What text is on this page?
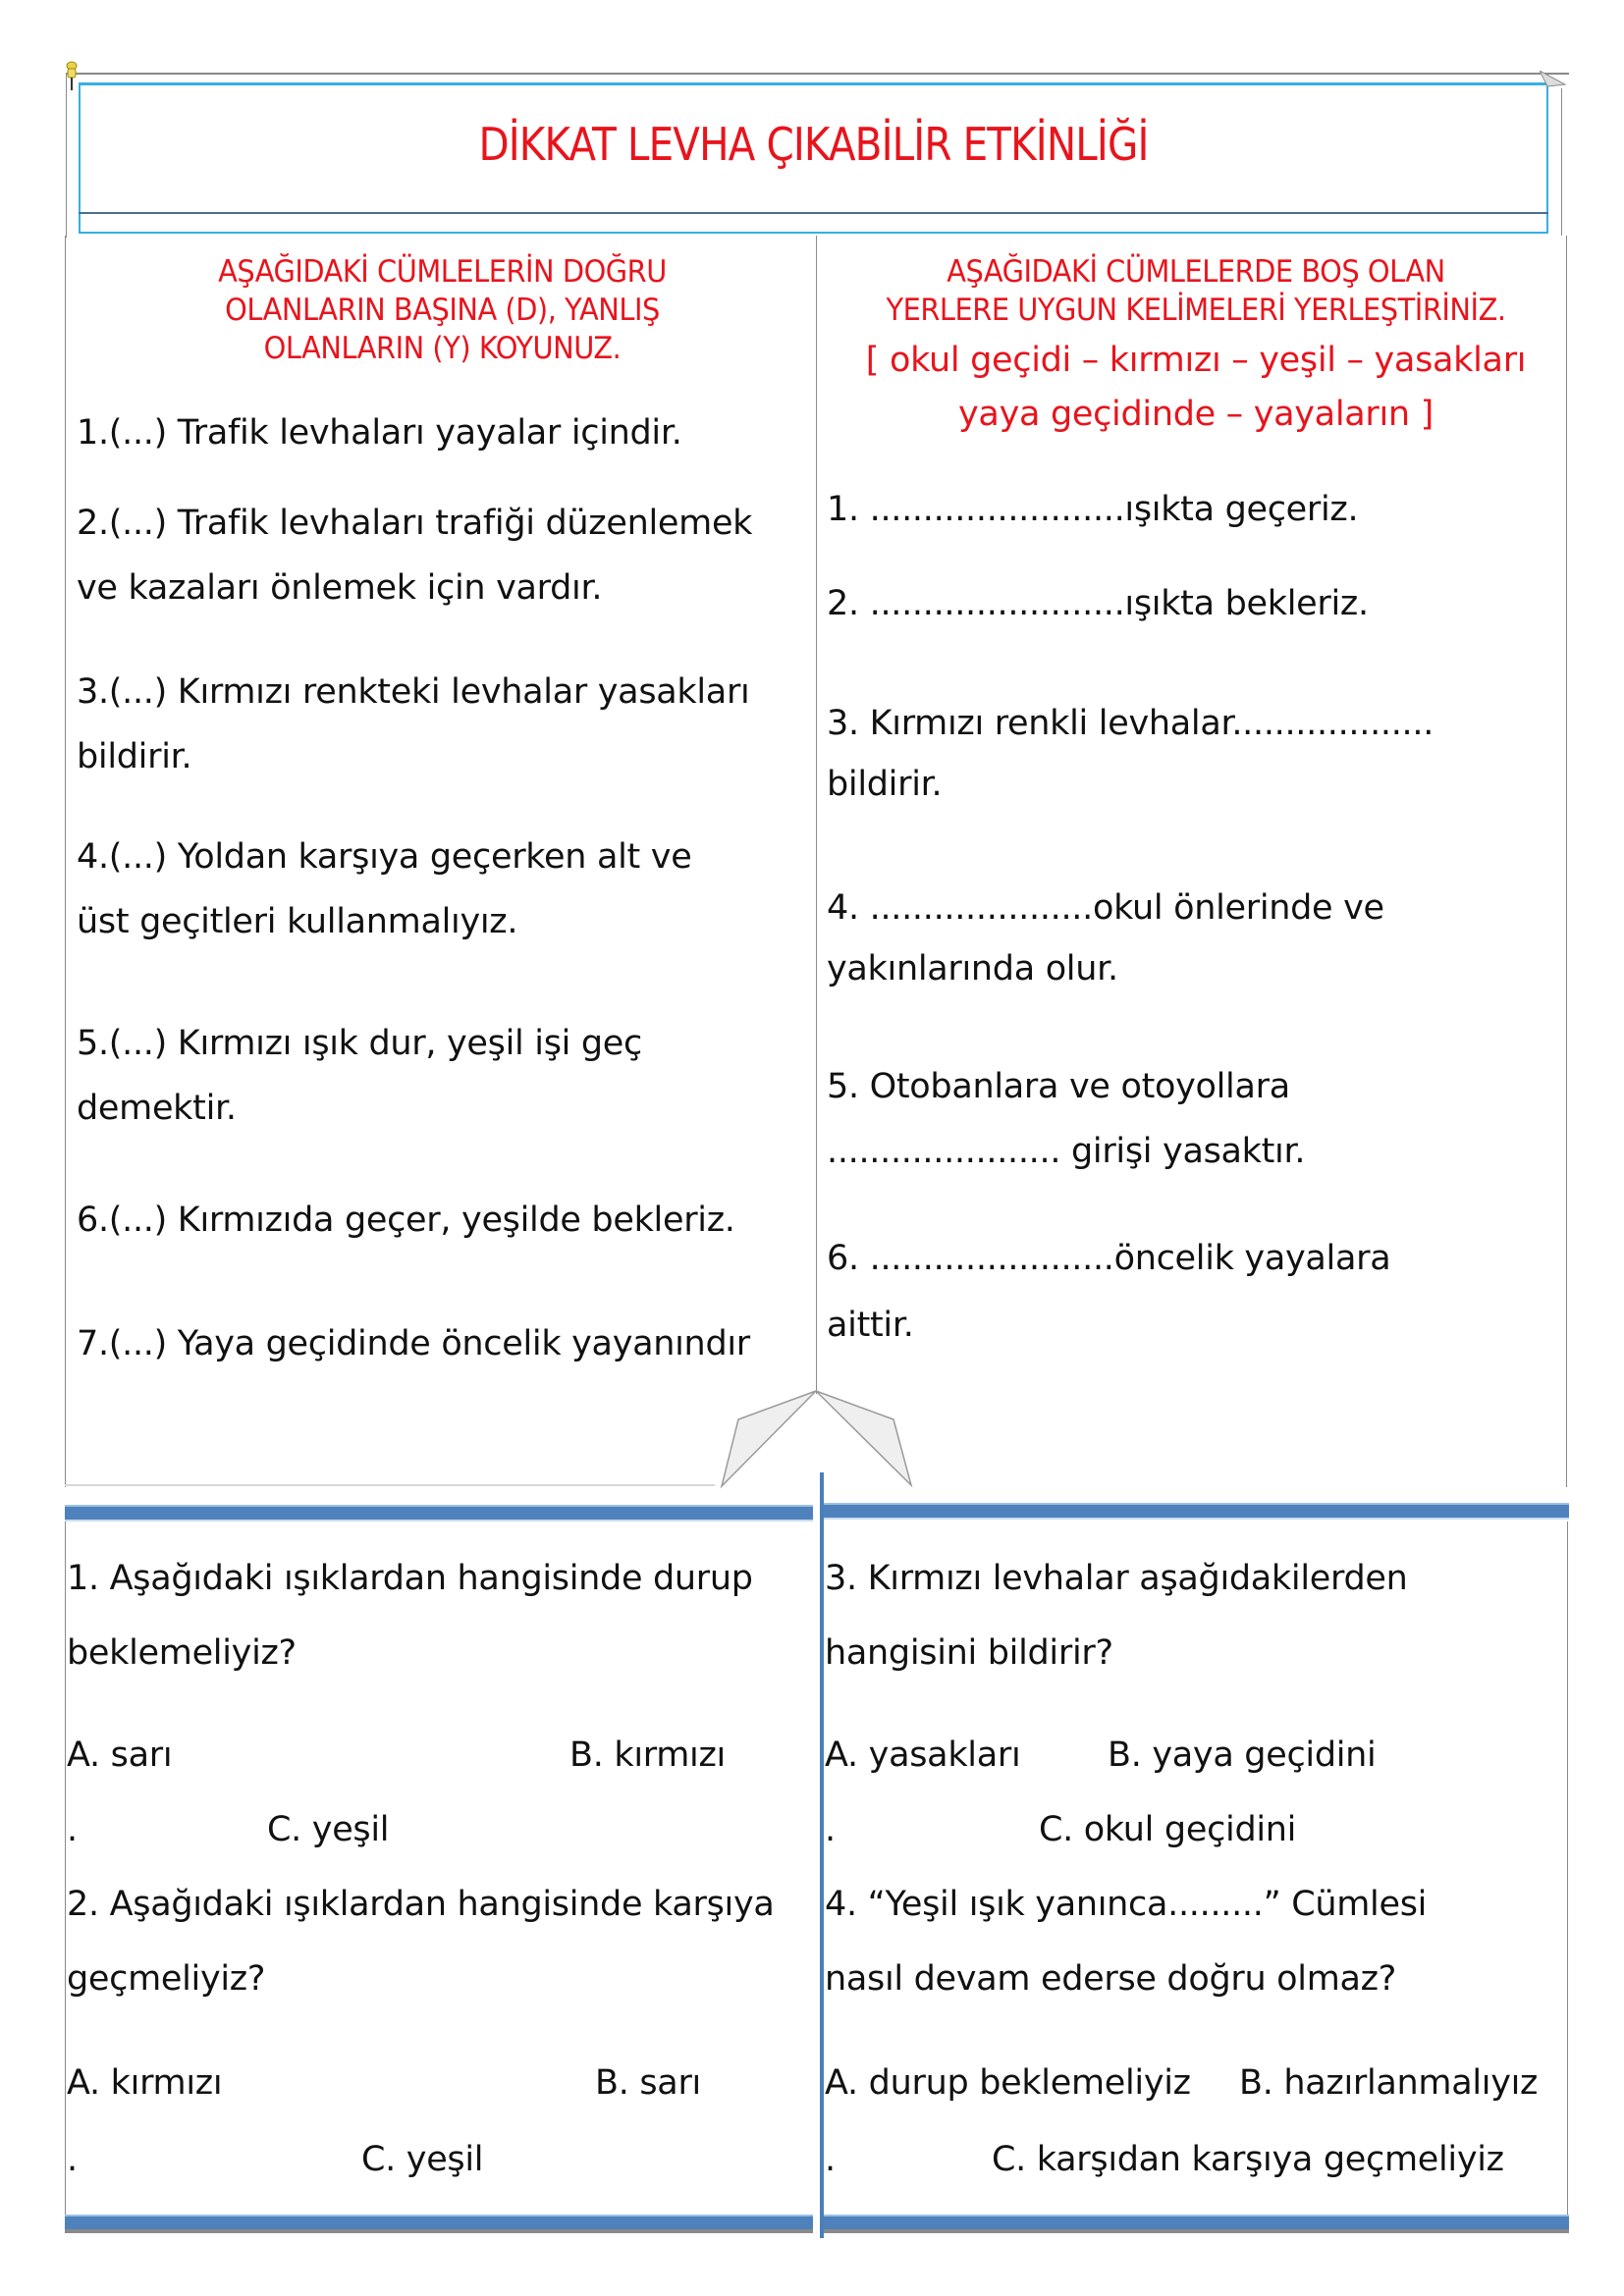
DİKKAT LEVHA ÇIKABİLİR ETKİNLİĞİ
AŞAĞIDAKİ CÜMLELERİN DOĞRU
OLANLARIN BAŞINA (D), YANLIŞ
OLANLARIN (Y) KOYUNUZ.
1.(...) Trafik levhaları yayalar içindir.
2.(...) Trafik levhaları trafiği düzenlemek
ve kazaları önlemek için vardır.
3.(...) Kırmızı renkteki levhalar yasakları
bildirir.
4.(...) Yoldan karşıya geçerken alt ve
üst geçitleri kullanmalıyız.
5.(...) Kırmızı ışık dur, yeşil işi geç
demektir.
6.(...) Kırmızıda geçer, yeşilde bekleriz.
7.(...) Yaya geçidinde öncelik yayanındır
AŞAĞIDAKİ CÜMLELERDE BOŞ OLAN
YERLERE UYGUN KELİMELERİ YERLEŞTİRİNİZ.
[ okul geçidi – kırmızı – yeşil – yasakları
yaya geçidinde – yayaların ]
1. ........................ışıkta geçeriz.
2. ........................ışıkta bekleriz.
3. Kırmızı renkli levhalar...................
bildirir.
4. .....................okul önlerinde ve
yakınlarında olur.
5. Otobanlara ve otoyollara
...................... girişi yasaktır.
6. .......................öncelik yayalara
aittir.
1. Aşağıdaki ışıklardan hangisinde durup
beklemeliyiz?
A. sarı	B. kırmızı
.	C. yeşil
2. Aşağıdaki ışıklardan hangisinde karşıya
geçmeliyiz?
A. kırmızı	B. sarı
.	C. yeşil
3. Kırmızı levhalar aşağıdakilerden
hangisini bildirir?
A. yasakları	B. yaya geçidini
.	C. okul geçidini
4. “Yeşil ışık yanınca.........” Cümlesi
nasıl devam ederse doğru olmaz?
A. durup beklemeliyiz B. hazırlanmalıyız
.	C. karşıdan karşıya geçmeliyiz
